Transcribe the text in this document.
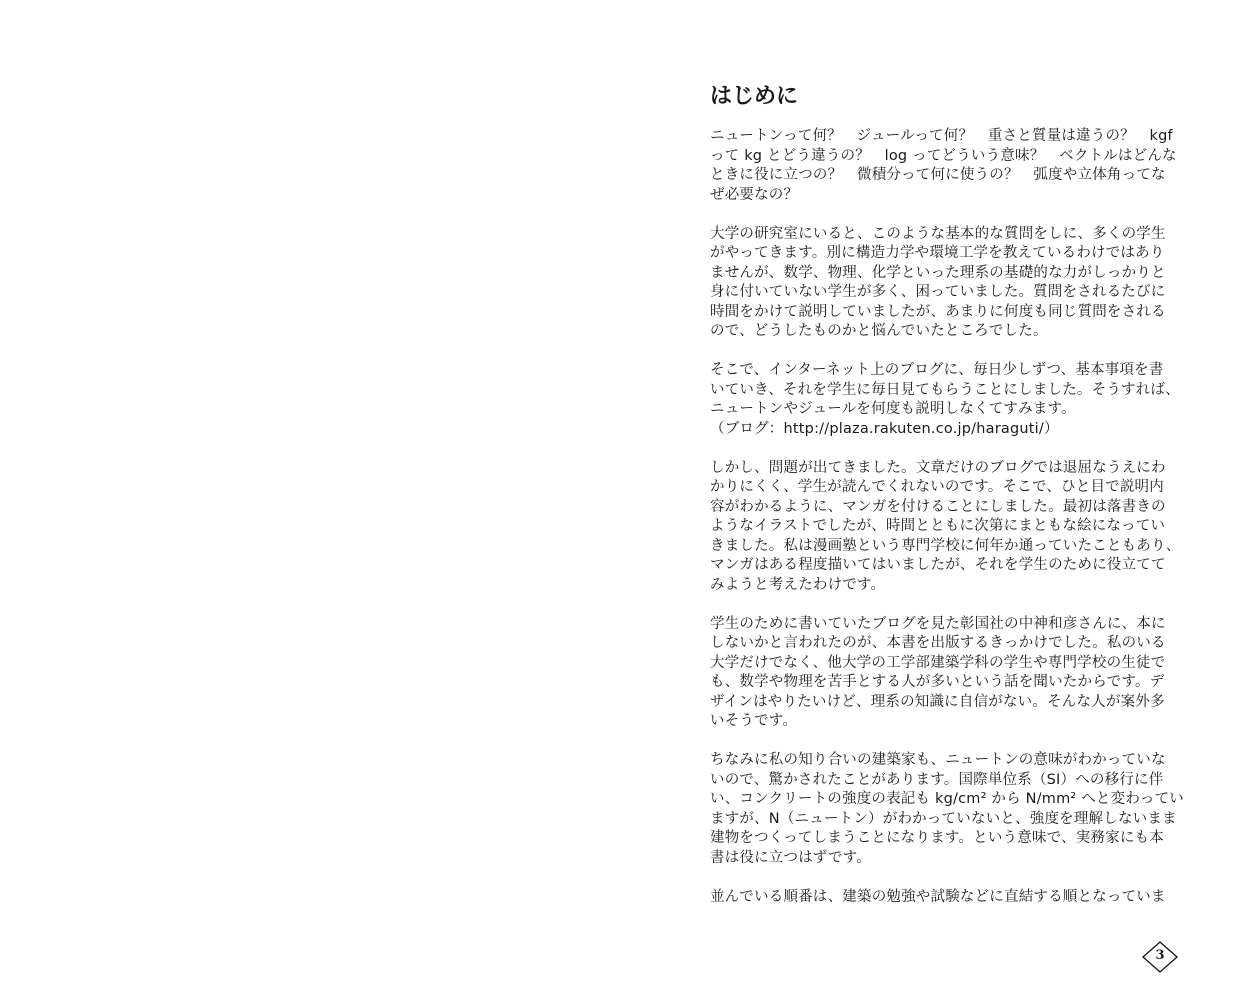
はじめに

ニュートンって何？　ジュールって何？　重さと質量は違うの？　kgf
って kg とどう違うの？　log ってどういう意味？　ベクトルはどんな
ときに役に立つの？　微積分って何に使うの？　弧度や立体角ってな
ぜ必要なの？

大学の研究室にいると、このような基本的な質問をしに、多くの学生
がやってきます。別に構造力学や環境工学を教えているわけではあり
ませんが、数学、物理、化学といった理系の基礎的な力がしっかりと
身に付いていない学生が多く、困っていました。質問をされるたびに
時間をかけて説明していましたが、あまりに何度も同じ質問をされる
ので、どうしたものかと悩んでいたところでした。

そこで、インターネット上のブログに、毎日少しずつ、基本事項を書
いていき、それを学生に毎日見てもらうことにしました。そうすれば、
ニュートンやジュールを何度も説明しなくてすみます。
（ブログ：http://plaza.rakuten.co.jp/haraguti/）

しかし、問題が出てきました。文章だけのブログでは退屈なうえにわ
かりにくく、学生が読んでくれないのです。そこで、ひと目で説明内
容がわかるように、マンガを付けることにしました。最初は落書きの
ようなイラストでしたが、時間とともに次第にまともな絵になってい
きました。私は漫画塾という専門学校に何年か通っていたこともあり、
マンガはある程度描いてはいましたが、それを学生のために役立てて
みようと考えたわけです。

学生のために書いていたブログを見た彰国社の中神和彦さんに、本に
しないかと言われたのが、本書を出版するきっかけでした。私のいる
大学だけでなく、他大学の工学部建築学科の学生や専門学校の生徒で
も、数学や物理を苦手とする人が多いという話を聞いたからです。デ
ザインはやりたいけど、理系の知識に自信がない。そんな人が案外多
いそうです。

ちなみに私の知り合いの建築家も、ニュートンの意味がわかっていな
いので、驚かされたことがあります。国際単位系（SI）への移行に伴
い、コンクリートの強度の表記も kg/cm² から N/mm² へと変わってい
ますが、N（ニュートン）がわかっていないと、強度を理解しないまま
建物をつくってしまうことになります。という意味で、実務家にも本
書は役に立つはずです。

並んでいる順番は、建築の勉強や試験などに直結する順となっていま

3
